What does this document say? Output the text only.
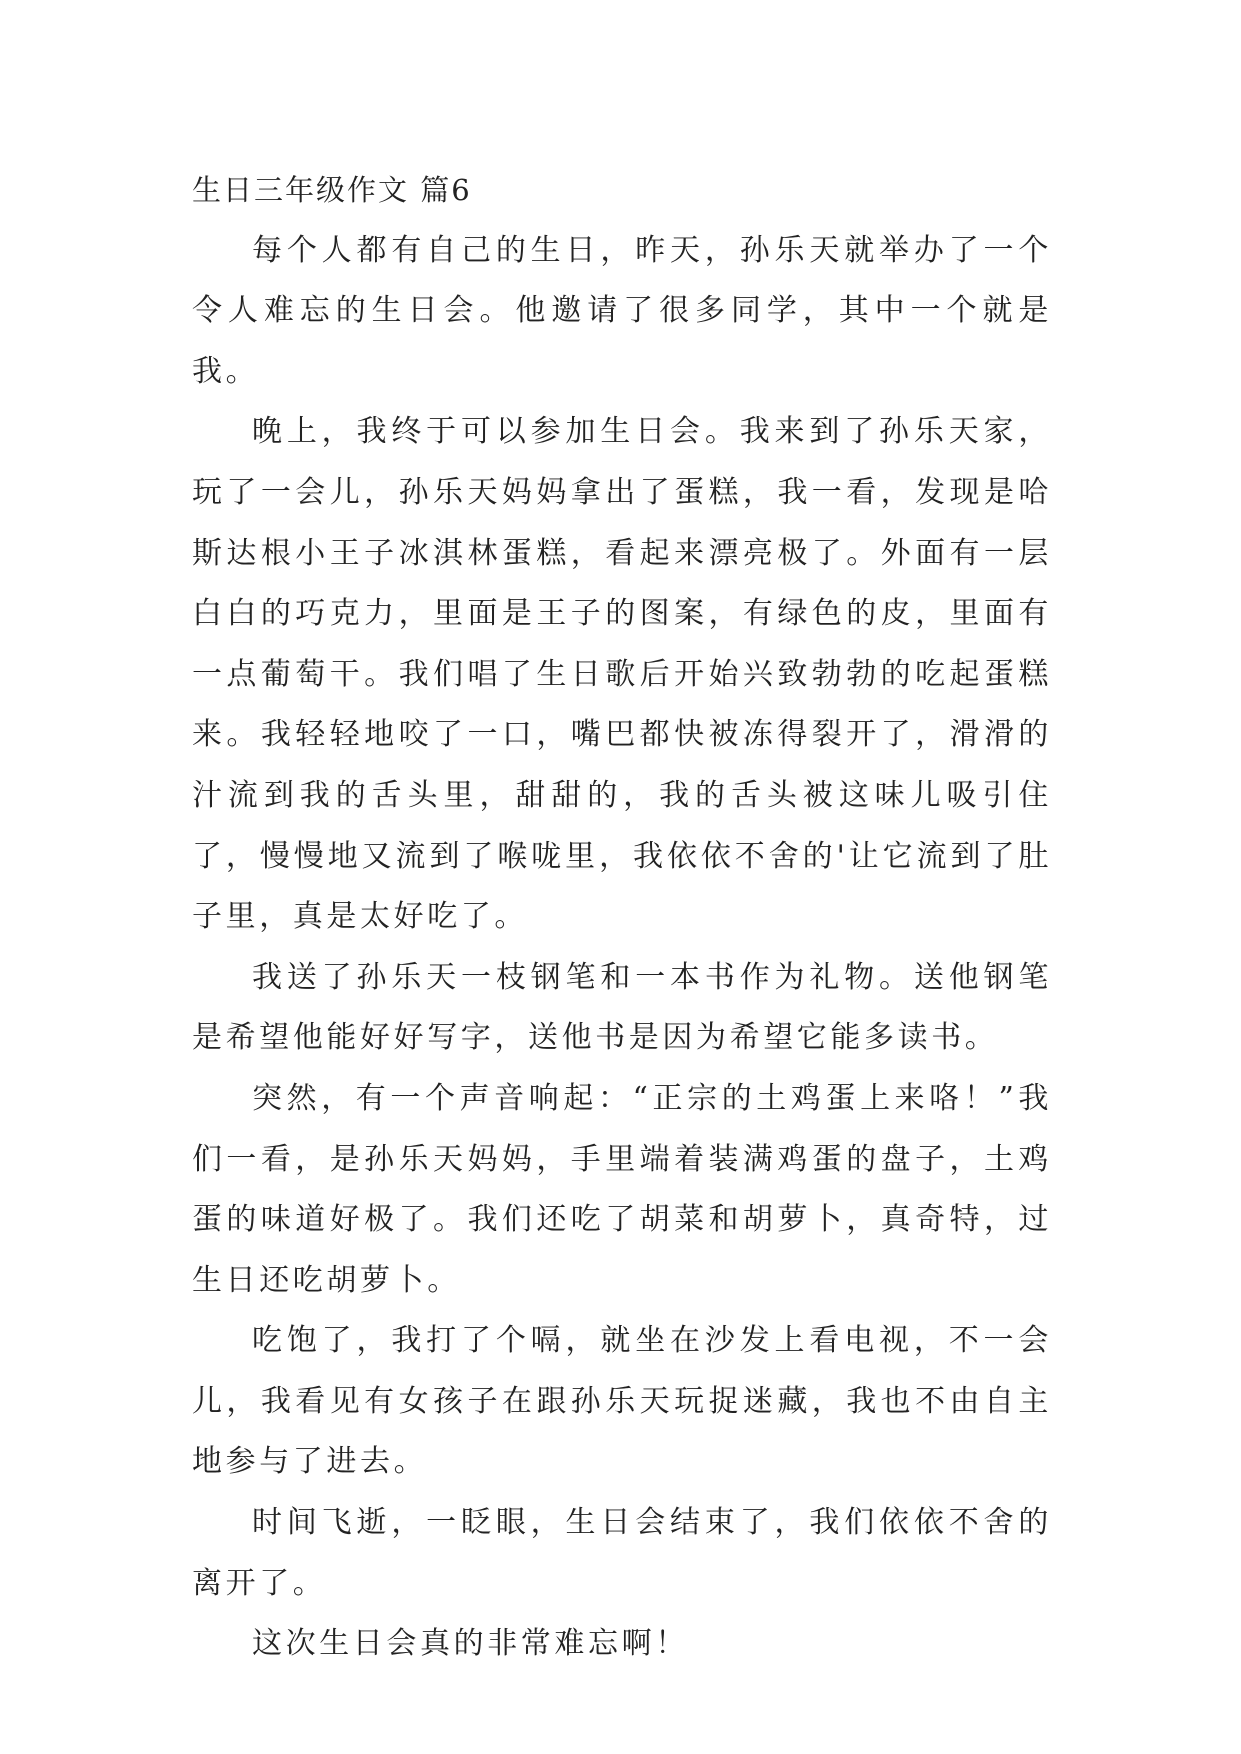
生日三年级作文 篇6

每个人都有自己的生日，昨天，孙乐天就举办了一个令人难忘的生日会。他邀请了很多同学，其中一个就是我。

晚上，我终于可以参加生日会。我来到了孙乐天家，玩了一会儿，孙乐天妈妈拿出了蛋糕，我一看，发现是哈斯达根小王子冰淇林蛋糕，看起来漂亮极了。外面有一层白白的巧克力，里面是王子的图案，有绿色的皮，里面有一点葡萄干。我们唱了生日歌后开始兴致勃勃的吃起蛋糕来。我轻轻地咬了一口，嘴巴都快被冻得裂开了，滑滑的汁流到我的舌头里，甜甜的，我的舌头被这味儿吸引住了，慢慢地又流到了喉咙里，我依依不舍的'让它流到了肚子里，真是太好吃了。

我送了孙乐天一枝钢笔和一本书作为礼物。送他钢笔是希望他能好好写字，送他书是因为希望它能多读书。

突然，有一个声音响起：“正宗的土鸡蛋上来咯！”我们一看，是孙乐天妈妈，手里端着装满鸡蛋的盘子，土鸡蛋的味道好极了。我们还吃了胡菜和胡萝卜，真奇特，过生日还吃胡萝卜。

吃饱了，我打了个嗝，就坐在沙发上看电视，不一会儿，我看见有女孩子在跟孙乐天玩捉迷藏，我也不由自主地参与了进去。

时间飞逝，一眨眼，生日会结束了，我们依依不舍的离开了。

这次生日会真的非常难忘啊！
